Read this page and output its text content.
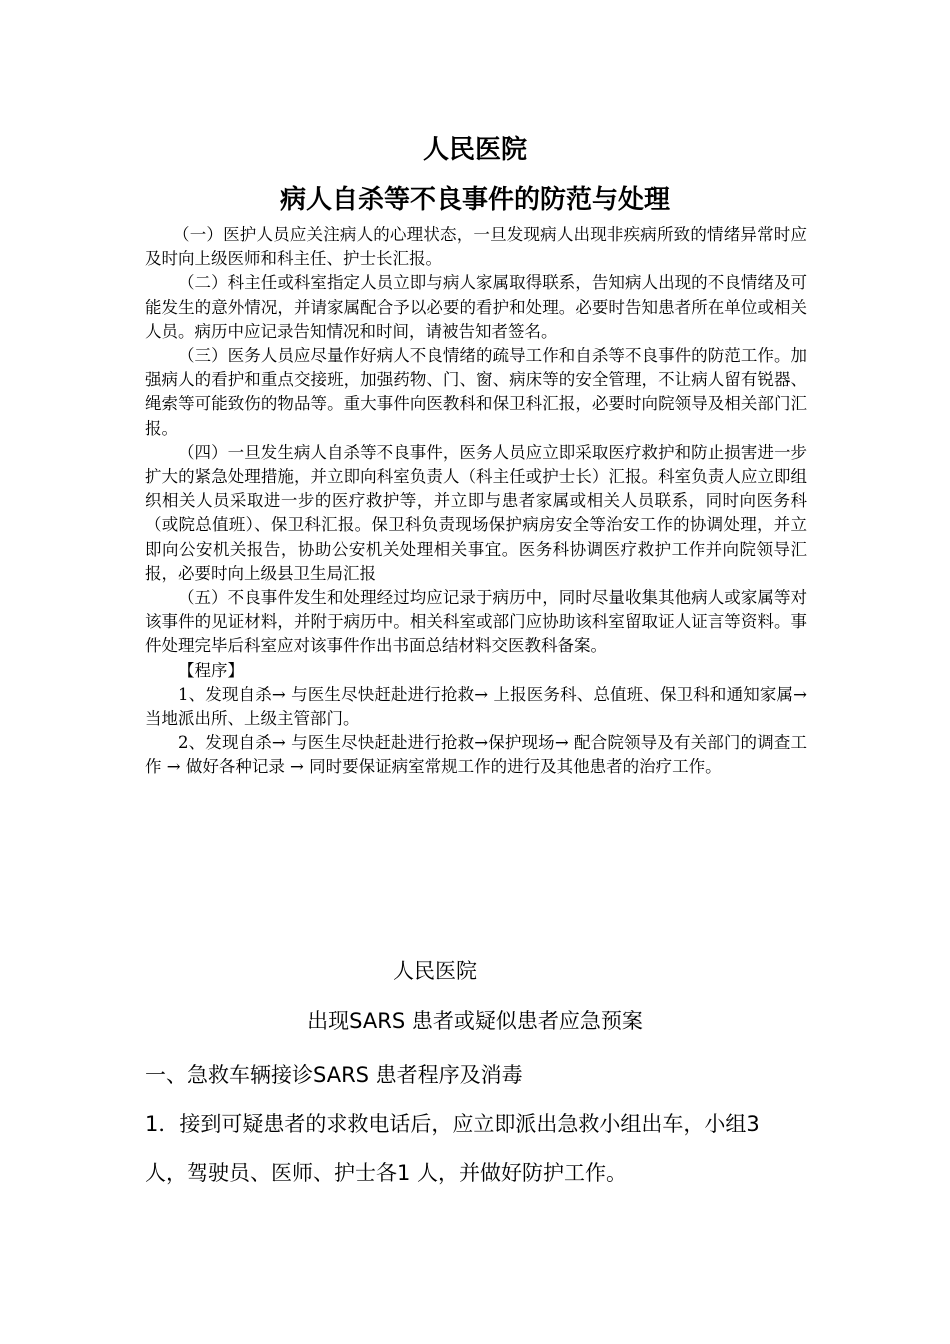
人民医院
病人自杀等不良事件的防范与处理

（一）医护人员应关注病人的心理状态，一旦发现病人出现非疾病所致的情绪异常时应及时向上级医师和科主任、护士长汇报。

（二）科主任或科室指定人员立即与病人家属取得联系，告知病人出现的不良情绪及可能发生的意外情况，并请家属配合予以必要的看护和处理。必要时告知患者所在单位或相关人员。病历中应记录告知情况和时间，请被告知者签名。

（三）医务人员应尽量作好病人不良情绪的疏导工作和自杀等不良事件的防范工作。加强病人的看护和重点交接班，加强药物、门、窗、病床等的安全管理，不让病人留有锐器、绳索等可能致伤的物品等。重大事件向医教科和保卫科汇报，必要时向院领导及相关部门汇报。

（四）一旦发生病人自杀等不良事件，医务人员应立即采取医疗救护和防止损害进一步扩大的紧急处理措施，并立即向科室负责人（科主任或护士长）汇报。科室负责人应立即组织相关人员采取进一步的医疗救护等，并立即与患者家属或相关人员联系，同时向医务科（或院总值班）、保卫科汇报。保卫科负责现场保护病房安全等治安工作的协调处理，并立即向公安机关报告，协助公安机关处理相关事宜。医务科协调医疗救护工作并向院领导汇报，必要时向上级县卫生局汇报

（五）不良事件发生和处理经过均应记录于病历中，同时尽量收集其他病人或家属等对该事件的见证材料，并附于病历中。相关科室或部门应协助该科室留取证人证言等资料。事件处理完毕后科室应对该事件作出书面总结材料交医教科备案。

【程序】

1、发现自杀→ 与医生尽快赶赴进行抢救→ 上报医务科、总值班、保卫科和通知家属→当地派出所、上级主管部门。

2、发现自杀→ 与医生尽快赶赴进行抢救→保护现场→ 配合院领导及有关部门的调查工作 → 做好各种记录 → 同时要保证病室常规工作的进行及其他患者的治疗工作。

人民医院
出现SARS 患者或疑似患者应急预案

一、急救车辆接诊SARS 患者程序及消毒

1．接到可疑患者的求救电话后，应立即派出急救小组出车，小组3 人，驾驶员、医师、护士各1 人，并做好防护工作。
